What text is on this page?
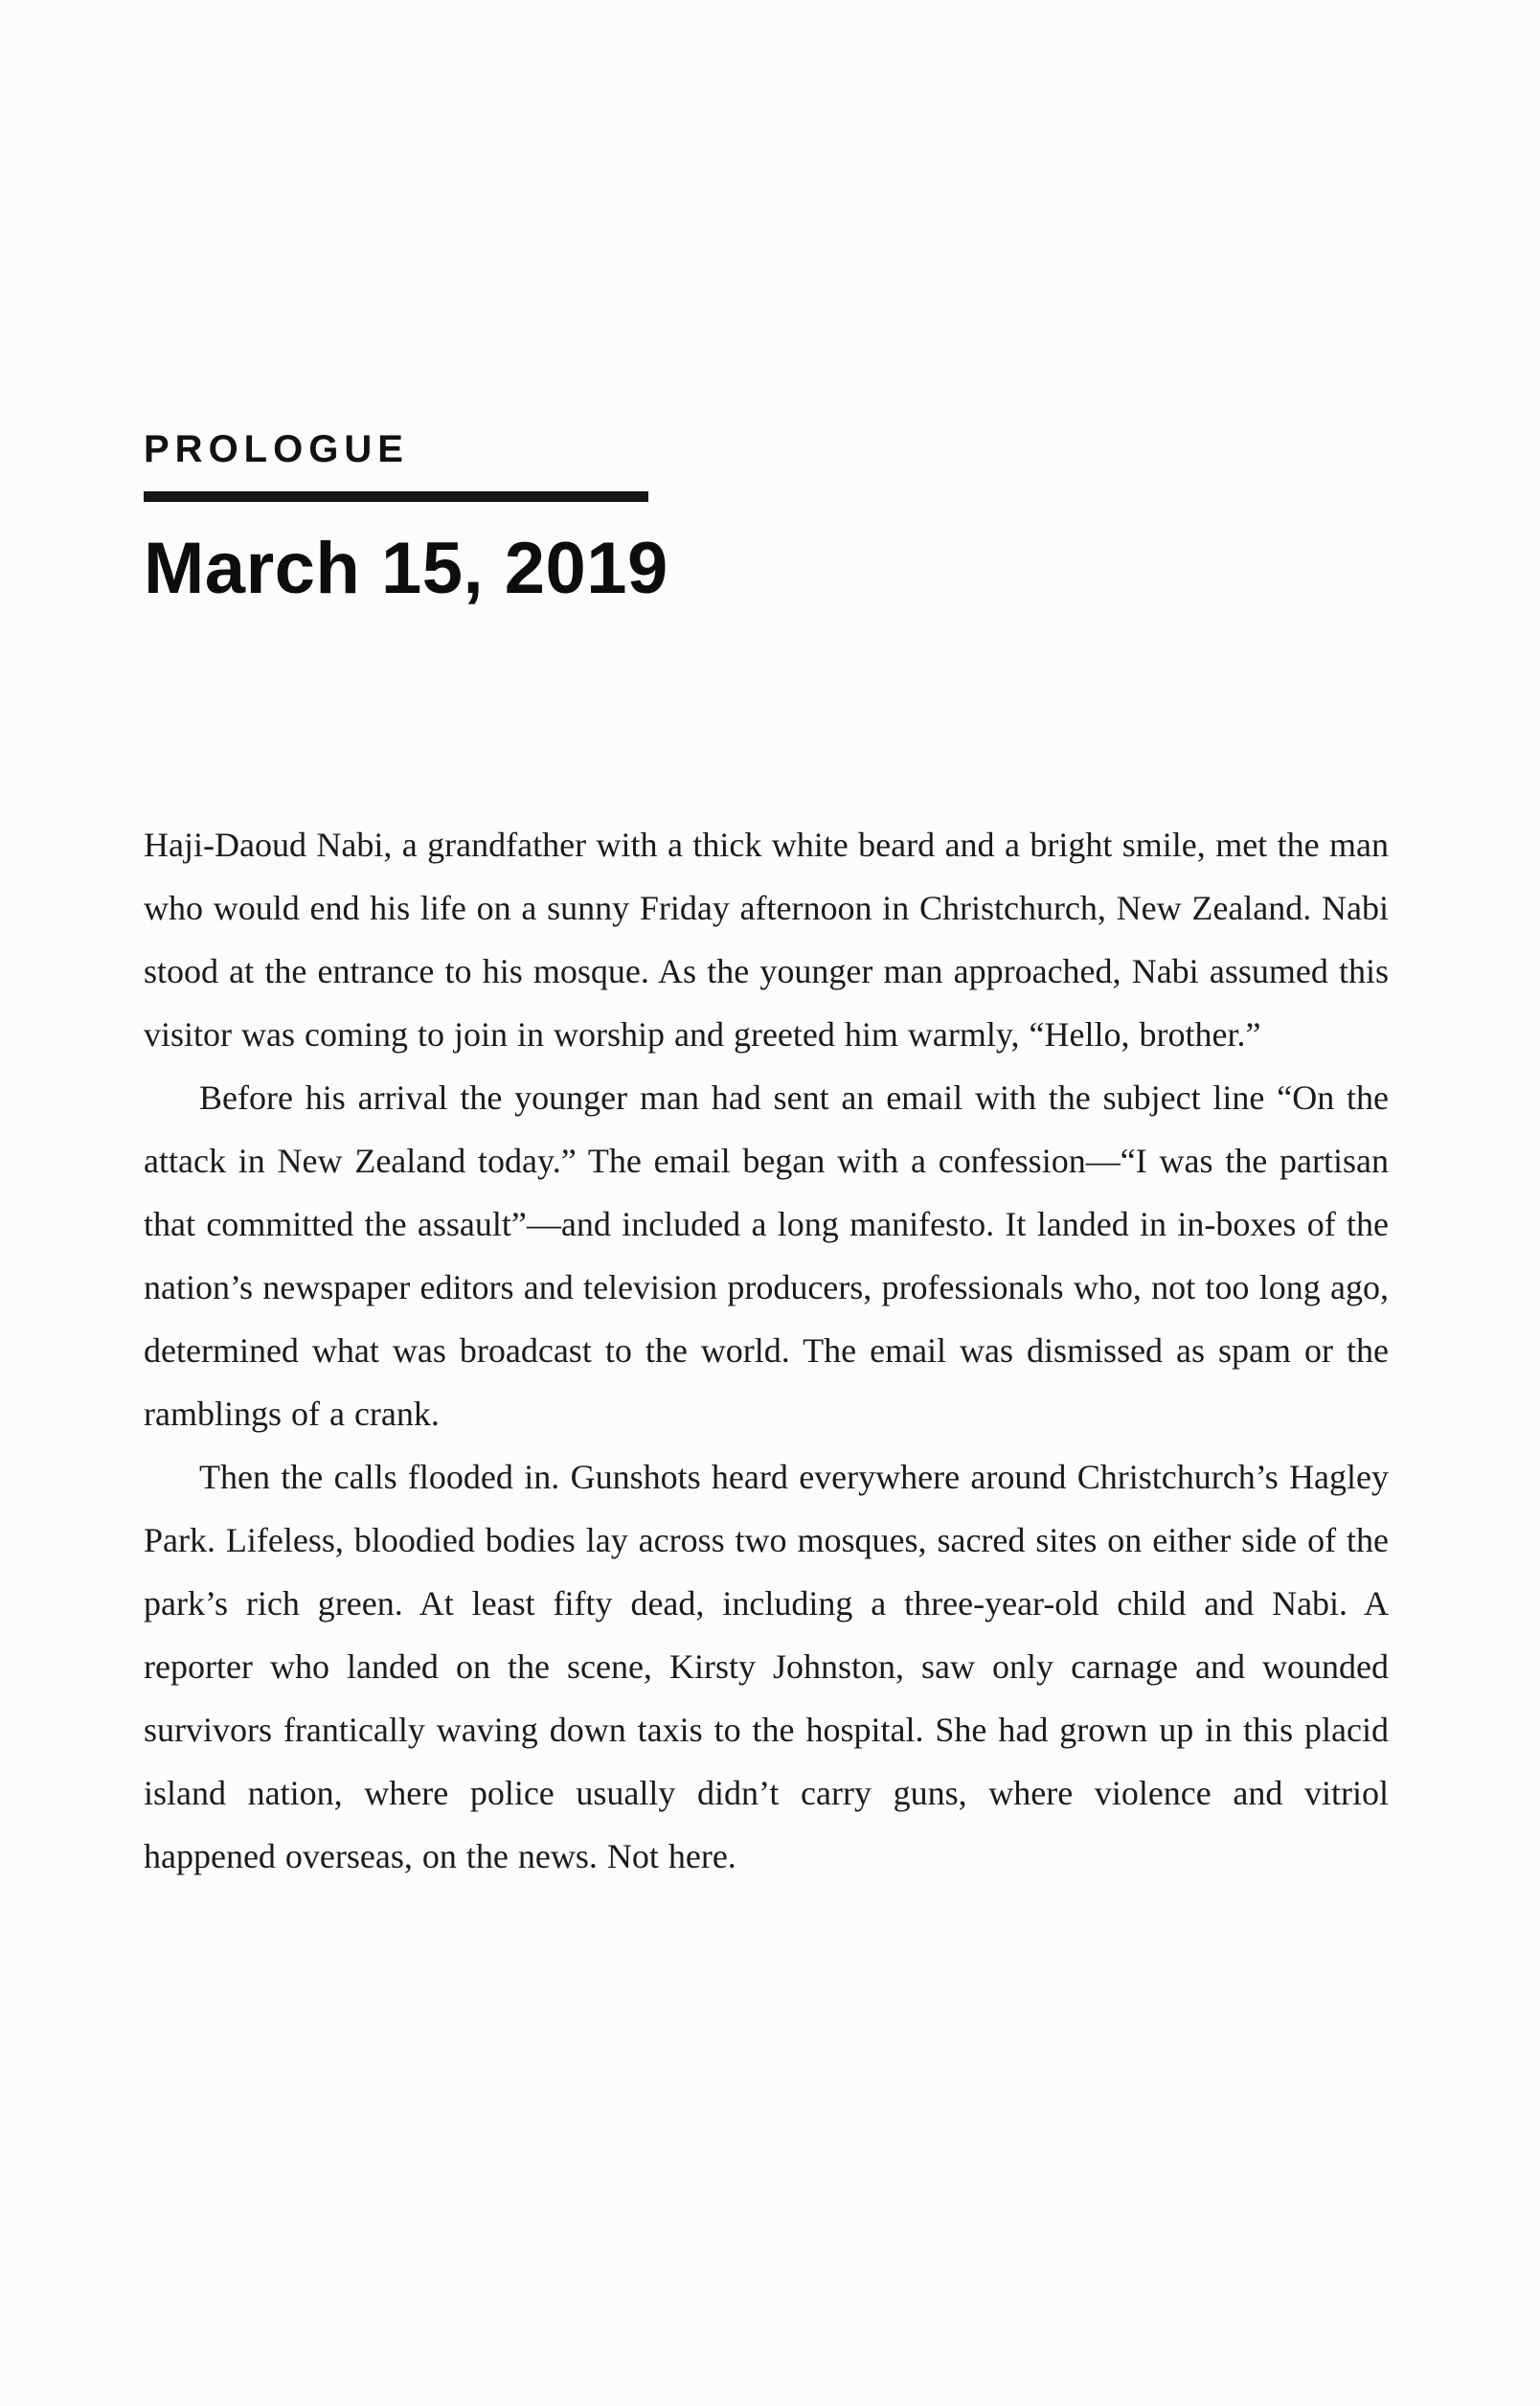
PROLOGUE
March 15, 2019

Haji-Daoud Nabi, a grandfather with a thick white beard and a bright smile, met the man who would end his life on a sunny Friday afternoon in Christchurch, New Zealand. Nabi stood at the entrance to his mosque. As the younger man approached, Nabi assumed this visitor was coming to join in worship and greeted him warmly, “Hello, brother.”

Before his arrival the younger man had sent an email with the subject line “On the attack in New Zealand today.” The email began with a confession—“I was the partisan that committed the assault”—and included a long manifesto. It landed in in-boxes of the nation’s newspaper editors and television producers, professionals who, not too long ago, determined what was broadcast to the world. The email was dismissed as spam or the ramblings of a crank.

Then the calls flooded in. Gunshots heard everywhere around Christchurch’s Hagley Park. Lifeless, bloodied bodies lay across two mosques, sacred sites on either side of the park’s rich green. At least fifty dead, including a three-year-old child and Nabi. A reporter who landed on the scene, Kirsty Johnston, saw only carnage and wounded survivors frantically waving down taxis to the hospital. She had grown up in this placid island nation, where police usually didn’t carry guns, where violence and vitriol happened overseas, on the news. Not here.
